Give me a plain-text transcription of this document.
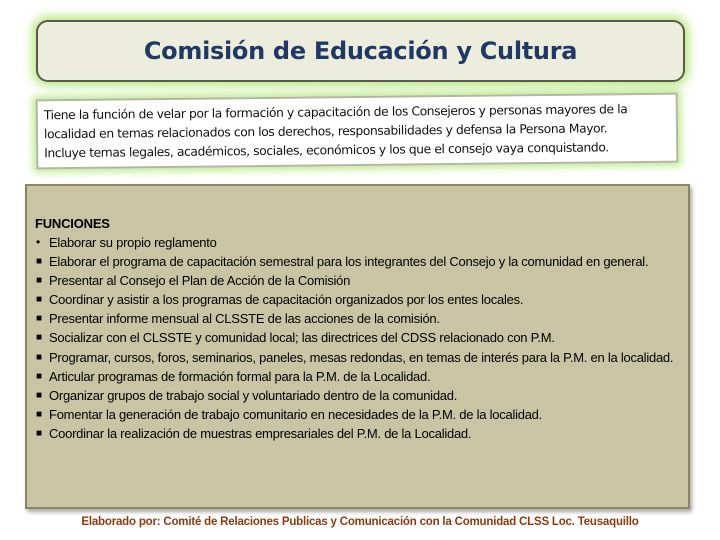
Comisión de Educación y Cultura
Tiene la función de velar por la formación y capacitación de los Consejeros y personas mayores de la
localidad en temas relacionados con los derechos, responsabilidades y defensa la Persona Mayor.
Incluye temas legales, académicos, sociales, económicos y los que el consejo vaya conquistando.
FUNCIONES
• Elaborar su propio reglamento
■ Elaborar el programa de capacitación semestral para los integrantes del Consejo y la comunidad en general.
■ Presentar al Consejo el Plan de Acción de la Comisión
■ Coordinar y asistir a los programas de capacitación organizados por los entes locales.
■ Presentar informe mensual al CLSSTE de las acciones de la comisión.
■ Socializar con el CLSSTE y comunidad local; las directrices del CDSS relacionado con P.M.
■ Programar, cursos, foros, seminarios, paneles, mesas redondas, en temas de interés para la P.M. en la localidad.
■ Articular programas de formación formal para la P.M. de la Localidad.
■ Organizar grupos de trabajo social y voluntariado dentro de la comunidad.
■ Fomentar la generación de trabajo comunitario en necesidades de la P.M. de la localidad.
■ Coordinar la realización de muestras empresariales del P.M. de la Localidad.
Elaborado por: Comité de Relaciones Publicas y Comunicación con la Comunidad CLSS Loc. Teusaquillo
